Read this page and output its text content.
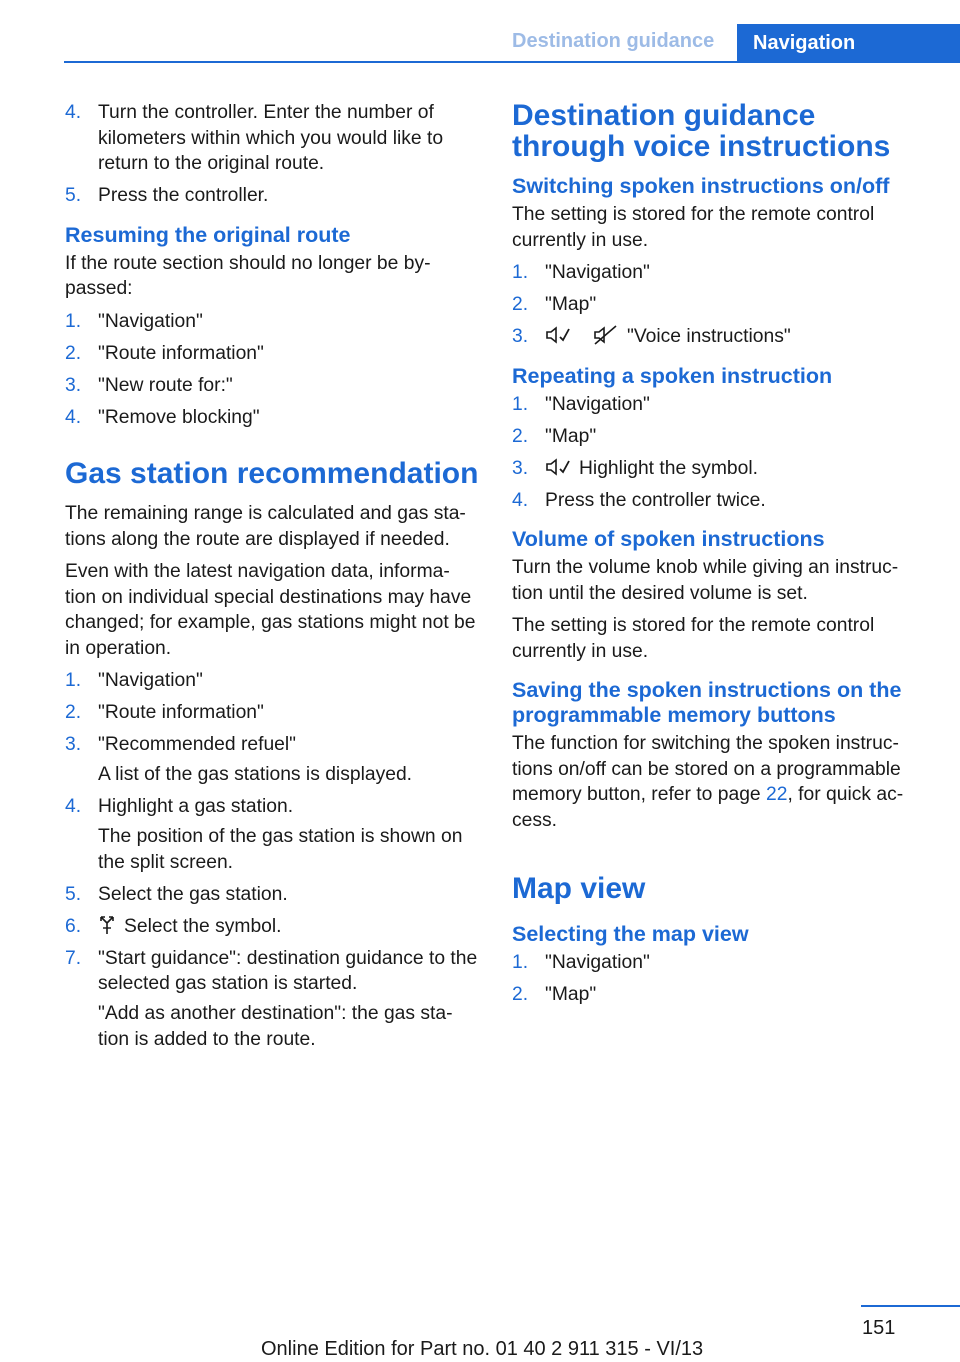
Destination guidance	Navigation
4. Turn the controller. Enter the number of kilometers within which you would like to return to the original route.
5. Press the controller.
Resuming the original route

If the route section should no longer be by‐passed:

1. "Navigation"
2. "Route information"
3. "New route for:"
4. "Remove blocking"
Gas station recommendation

The remaining range is calculated and gas sta‐tions along the route are displayed if needed.

Even with the latest navigation data, informa‐tion on individual special destinations may have changed; for example, gas stations might not be in operation.

1. "Navigation"
2. "Route information"
3. "Recommended refuel"
A list of the gas stations is displayed.
4. Highlight a gas station.
The position of the gas station is shown on the split screen.
5. Select the gas station.
6. Select the symbol.
7. "Start guidance": destination guidance to the selected gas station is started.
"Add as another destination": the gas sta‐tion is added to the route.
Destination guidance through voice instructions
Switching spoken instructions on/off

The setting is stored for the remote control currently in use.

1. "Navigation"
2. "Map"
3.	"Voice instructions"
Repeating a spoken instruction
1. "Navigation"
2. "Map"
3.	Highlight the symbol.
4. Press the controller twice.
Volume of spoken instructions

Turn the volume knob while giving an instruc‐tion until the desired volume is set.

The setting is stored for the remote control currently in use.

Saving the spoken instructions on the programmable memory buttons

The function for switching the spoken instruc‐tions on/off can be stored on a programmable memory button, refer to page 22, for quick ac‐cess.

Map view
Selecting the map view
1. "Navigation"
2. "Map"
151
Online Edition for Part no. 01 40 2 911 315 - VI/13
